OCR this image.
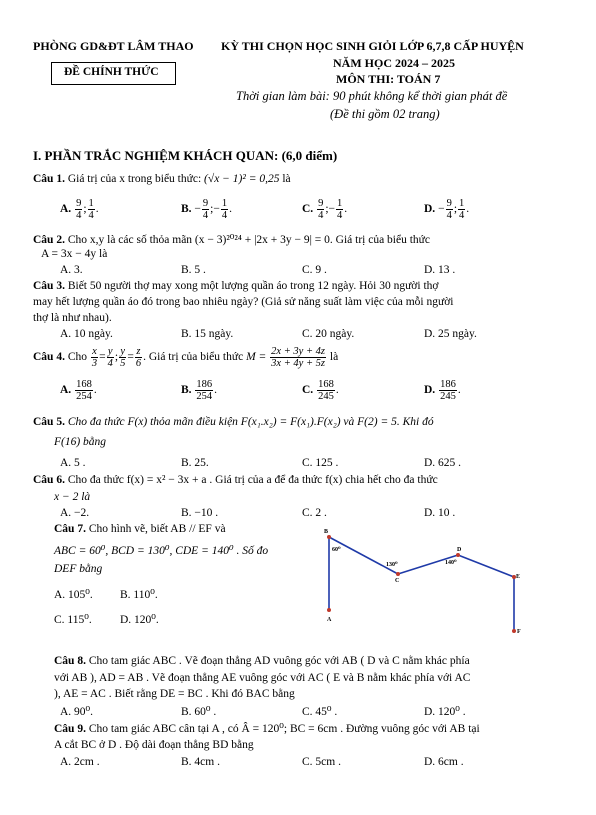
PHÒNG GD&ĐT LÂM THAO KỲ THI CHỌN HỌC SINH GIỎI LỚP 6,7,8 CẤP HUYỆN
ĐỀ CHÍNH THỨC
NĂM HỌC 2024 – 2025
MÔN THI: TOÁN 7
Thời gian làm bài: 90 phút không kể thời gian phát đề
(Đề thi gồm 02 trang)
I. PHẦN TRẮC NGHIỆM KHÁCH QUAN: (6,0 điểm)
Câu 1. Giá trị của x trong biểu thức: (√x − 1)² = 0,25 là
A. $\frac{9}{4}$ ; $\frac{1}{4}$ .	B. − $\frac{9}{4}$ ;− $\frac{1}{4}$ .	C. $\frac{9}{4}$ ;− $\frac{1}{4}$ .	D. − $\frac{9}{4}$ ; $\frac{1}{4}$ .
Câu 2. Cho x,y là các số thỏa mãn (x − 3)²⁰²⁴ + |2x + 3y − 9| = 0. Giá trị của biểu thức
A = 3x − 4y là
A. 3.	B. 5 .	C. 9 .	D. 13 .
Câu 3. Biết 50 người thợ may xong một lượng quần áo trong 12 ngày. Hỏi 30 người thợ
may hết lượng quần áo đó trong bao nhiêu ngày? (Giả sử năng suất làm việc của mỗi người
thợ là như nhau).
A. 10 ngày.	B. 15 ngày.	C. 20 ngày.	D. 25 ngày.
Câu 4. Cho $\frac{x}{3} = \frac{y}{4}$ ; $\frac{y}{5} = \frac{z}{6}$ . Giá trị của biểu thức $M = \frac{2x + 3y + 4z}{3x + 4y + 5z}$ là
A. $\frac{168}{254}$ .	B. $\frac{186}{254}$ .	C. $\frac{168}{245}$ .	D. $\frac{186}{245}$ .
Câu 5. Cho đa thức F(x) thỏa mãn điều kiện F(x₁.x₂) = F(x₁).F(x₂) và F(2) = 5. Khi đó
F(16) bằng
A. 5 .	B. 25.	C. 125 .	D. 625 .
Câu 6. Cho đa thức f(x) = x² − 3x + a . Giá trị của a để đa thức f(x) chia hết cho đa thức
x − 2 là
A. −2.	B. −10 .	C. 2 .	D. 10 .
Câu 7. Cho hình vẽ, biết AB // EF và
ABC = 60⁰, BCD = 130⁰, CDE = 140⁰ . Số đo
DEF bằng
A. 105⁰. B. 110⁰.
C. 115⁰. D. 120⁰.
B
A
C
D
E
F
60⁰
130⁰	140⁰
Câu 8. Cho tam giác ABC . Vẽ đoạn thẳng AD vuông góc với AB ( D và C nằm khác phía
với AB ), AD = AB . Vẽ đoạn thẳng AE vuông góc với AC ( E và B nằm khác phía với AC
), AE = AC . Biết rằng DE = BC . Khi đó BAC bằng
A. 90⁰.	B. 60⁰ .	C. 45⁰ .	D. 120⁰ .
Câu 9. Cho tam giác ABC cân tại A , có Â = 120⁰; BC = 6cm . Đường vuông góc với AB tại
A cắt BC ở D . Độ dài đoạn thẳng BD bằng
A. 2cm .	B. 4cm .	C. 5cm .	D. 6cm .
